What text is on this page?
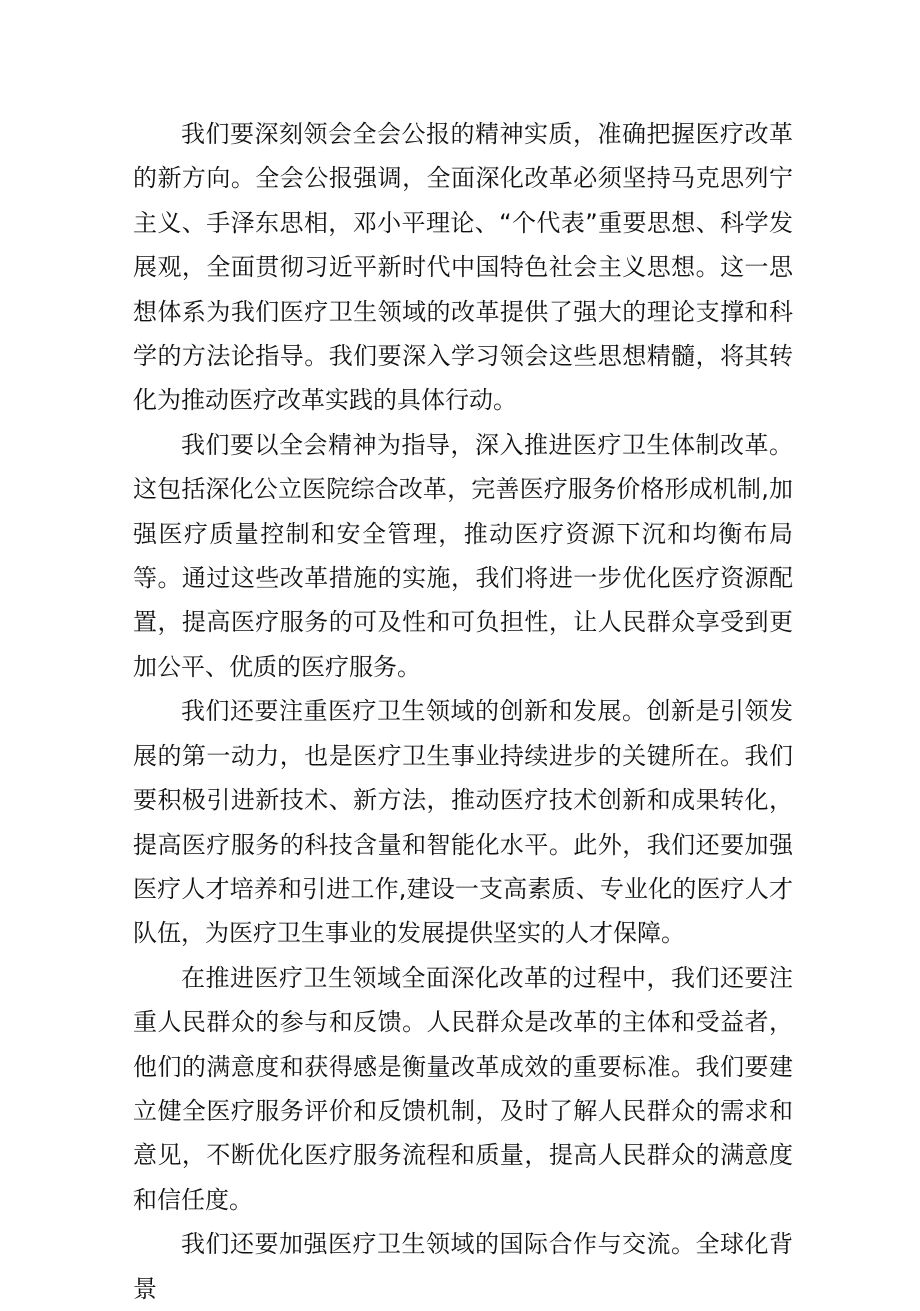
我们要深刻领会全会公报的精神实质，准确把握医疗改革的新方向。全会公报强调，全面深化改革必须坚持马克思列宁主义、手泽东思相，邓小平理论、“个代表”重要思想、科学发展观，全面贯彻习近平新时代中国特色社会主义思想。这一思想体系为我们医疗卫生领域的改革提供了强大的理论支撑和科学的方法论指导。我们要深入学习领会这些思想精髓，将其转化为推动医疗改革实践的具体行动。

我们要以全会精神为指导，深入推进医疗卫生体制改革。这包括深化公立医院综合改革，完善医疗服务价格形成机制,加强医疗质量控制和安全管理，推动医疗资源下沉和均衡布局等。通过这些改革措施的实施，我们将进一步优化医疗资源配置，提高医疗服务的可及性和可负担性，让人民群众享受到更加公平、优质的医疗服务。

我们还要注重医疗卫生领域的创新和发展。创新是引领发展的第一动力，也是医疗卫生事业持续进步的关键所在。我们要积极引进新技术、新方法，推动医疗技术创新和成果转化，提高医疗服务的科技含量和智能化水平。此外，我们还要加强医疗人才培养和引进工作,建设一支高素质、专业化的医疗人才队伍，为医疗卫生事业的发展提供坚实的人才保障。

在推进医疗卫生领域全面深化改革的过程中，我们还要注重人民群众的参与和反馈。人民群众是改革的主体和受益者，他们的满意度和获得感是衡量改革成效的重要标准。我们要建立健全医疗服务评价和反馈机制，及时了解人民群众的需求和意见，不断优化医疗服务流程和质量，提高人民群众的满意度和信任度。

我们还要加强医疗卫生领域的国际合作与交流。全球化背景
